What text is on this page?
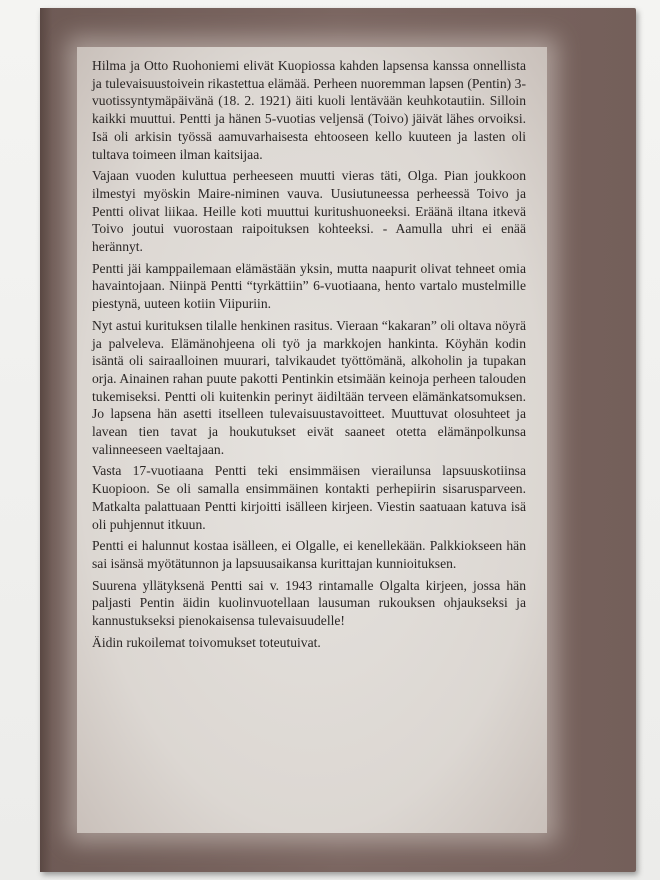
Hilma ja Otto Ruohoniemi elivät Kuopiossa kahden lapsensa kanssa onnellista ja tulevaisuustoivein rikastettua elämää. Perheen nuoremman lapsen (Pentin) 3-vuotissyntymäpäivänä (18. 2. 1921) äiti kuoli lentävään keuhkotautiin. Silloin kaikki muuttui. Pentti ja hänen 5-vuotias veljensä (Toivo) jäivät lähes orvoiksi. Isä oli arkisin työssä aamuvarhaisesta ehtooseen kello kuuteen ja lasten oli tultava toimeen ilman kaitsijaa.
Vajaan vuoden kuluttua perheeseen muutti vieras täti, Olga. Pian joukkoon ilmestyi myöskin Maire-niminen vauva. Uusiutuneessa perheessä Toivo ja Pentti olivat liikaa. Heille koti muuttui kuritushuoneeksi. Eräänä iltana itkevä Toivo joutui vuorostaan raipoituksen kohteeksi. - Aamulla uhri ei enää herännyt.
Pentti jäi kamppailemaan elämästään yksin, mutta naapurit olivat tehneet omia havaintojaan. Niinpä Pentti “tyrkättiin” 6-vuotiaana, hento vartalo mustelmille piestynä, uuteen kotiin Viipuriin.
Nyt astui kurituksen tilalle henkinen rasitus. Vieraan “kakaran” oli oltava nöyrä ja palveleva. Elämänohjeena oli työ ja markkojen hankinta. Köyhän kodin isäntä oli sairaalloinen muurari, talvikaudet työttömänä, alkoholin ja tupakan orja. Ainainen rahan puute pakotti Pentinkin etsimään keinoja perheen talouden tukemiseksi. Pentti oli kuitenkin perinyt äidiltään terveen elämänkatsomuksen. Jo lapsena hän asetti itselleen tulevaisuustavoitteet. Muuttuvat olosuhteet ja lavean tien tavat ja houkutukset eivät saaneet otetta elämänpolkunsa valinneeseen vaeltajaan.
Vasta 17-vuotiaana Pentti teki ensimmäisen vierailunsa lapsuuskotiinsa Kuopioon. Se oli samalla ensimmäinen kontakti perhepiirin sisarusparveen. Matkalta palattuaan Pentti kirjoitti isälleen kirjeen. Viestin saatuaan katuva isä oli puhjennut itkuun.
Pentti ei halunnut kostaa isälleen, ei Olgalle, ei kenellekään. Palkkiokseen hän sai isänsä myötätunnon ja lapsuusaikansa kurittajan kunnioituksen.
Suurena yllätyksenä Pentti sai v. 1943 rintamalle Olgalta kirjeen, jossa hän paljasti Pentin äidin kuolinvuotellaan lausuman rukouksen ohjaukseksi ja kannustukseksi pienokaisensa tulevaisuudelle!
Äidin rukoilemat toivomukset toteutuivat.
